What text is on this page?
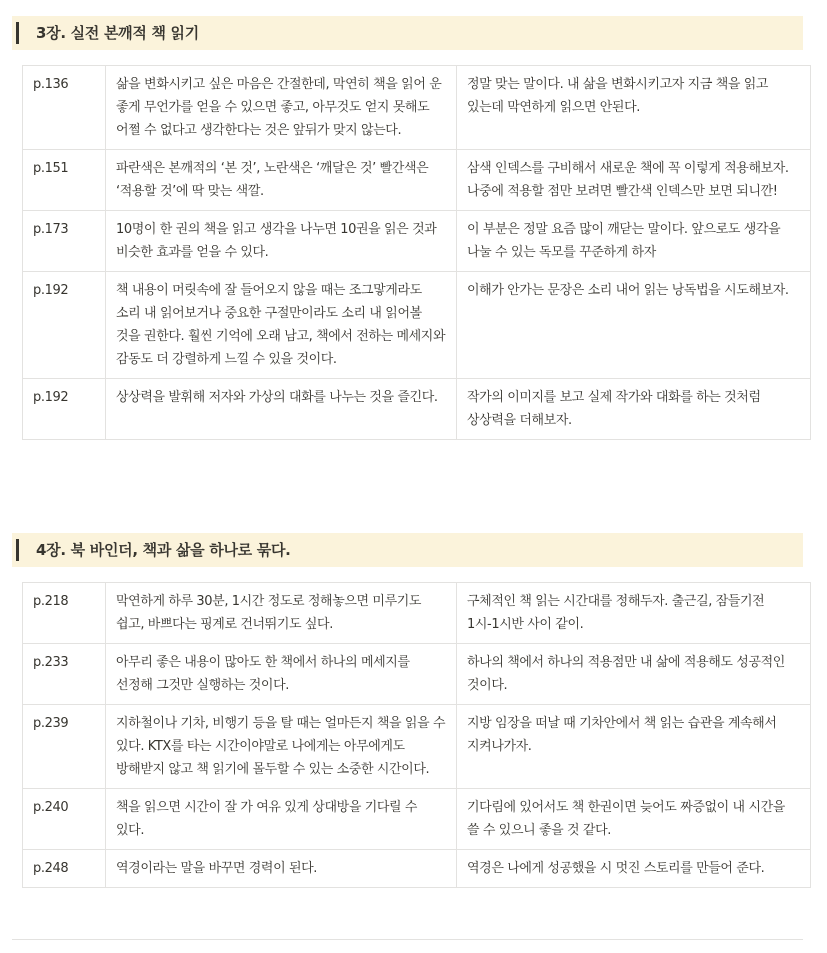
3장. 실전 본깨적 책 읽기
p.136	삶을 변화시키고 싶은 마음은 간절한데, 막연히 책을 읽어 운 좋게 무언가를 얻을 수 있으면 좋고, 아무것도 얻지 못해도 어쩔 수 없다고 생각한다는 것은 앞뒤가 맞지 않는다.	정말 맞는 말이다. 내 삶을 변화시키고자 지금 책을 읽고 있는데 막연하게 읽으면 안된다.
p.151	파란색은 본깨적의 ‘본 것’, 노란색은 ‘깨달은 것’ 빨간색은 ‘적용할 것’에 딱 맞는 색깔.	삼색 인덱스를 구비해서 새로운 책에 꼭 이렇게 적용해보자. 나중에 적용할 점만 보려면 빨간색 인덱스만 보면 되니깐!
p.173	10명이 한 권의 책을 읽고 생각을 나누면 10권을 읽은 것과 비슷한 효과를 얻을 수 있다.	이 부분은 정말 요즘 많이 깨닫는 말이다. 앞으로도 생각을 나눌 수 있는 독모를 꾸준하게 하자
p.192	책 내용이 머릿속에 잘 들어오지 않을 때는 조그맣게라도 소리 내 읽어보거나 중요한 구절만이라도 소리 내 읽어볼 것을 권한다. 훨씬 기억에 오래 남고, 책에서 전하는 메세지와 감동도 더 강렬하게 느낄 수 있을 것이다.	이해가 안가는 문장은 소리 내어 읽는 낭독법을 시도해보자.
p.192	상상력을 발휘해 저자와 가상의 대화를 나누는 것을 즐긴다.	작가의 이미지를 보고 실제 작가와 대화를 하는 것처럼 상상력을 더해보자.
4장. 북 바인더, 책과 삶을 하나로 묶다.
p.218	막연하게 하루 30분, 1시간 정도로 정해놓으면 미루기도 쉽고, 바쁘다는 핑계로 건너뛰기도 싶다.	구체적인 책 읽는 시간대를 정해두자. 출근길, 잠들기전 1시-1시반 사이 같이.
p.233	아무리 좋은 내용이 많아도 한 책에서 하나의 메세지를 선정해 그것만 실행하는 것이다.	하나의 책에서 하나의 적용점만 내 삶에 적용해도 성공적인 것이다.
p.239	지하철이나 기차, 비행기 등을 탈 때는 얼마든지 책을 읽을 수 있다. KTX를 타는 시간이야말로 나에게는 아무에게도 방해받지 않고 책 읽기에 몰두할 수 있는 소중한 시간이다.	지방 임장을 떠날 때 기차안에서 책 읽는 습관을 계속해서 지켜나가자.
p.240	책을 읽으면 시간이 잘 가 여유 있게 상대방을 기다릴 수 있다.	기다림에 있어서도 책 한권이면 늦어도 짜증없이 내 시간을 쓸 수 있으니 좋을 것 같다.
p.248	역경이라는 말을 바꾸면 경력이 된다.	역경은 나에게 성공했을 시 멋진 스토리를 만들어 준다.
